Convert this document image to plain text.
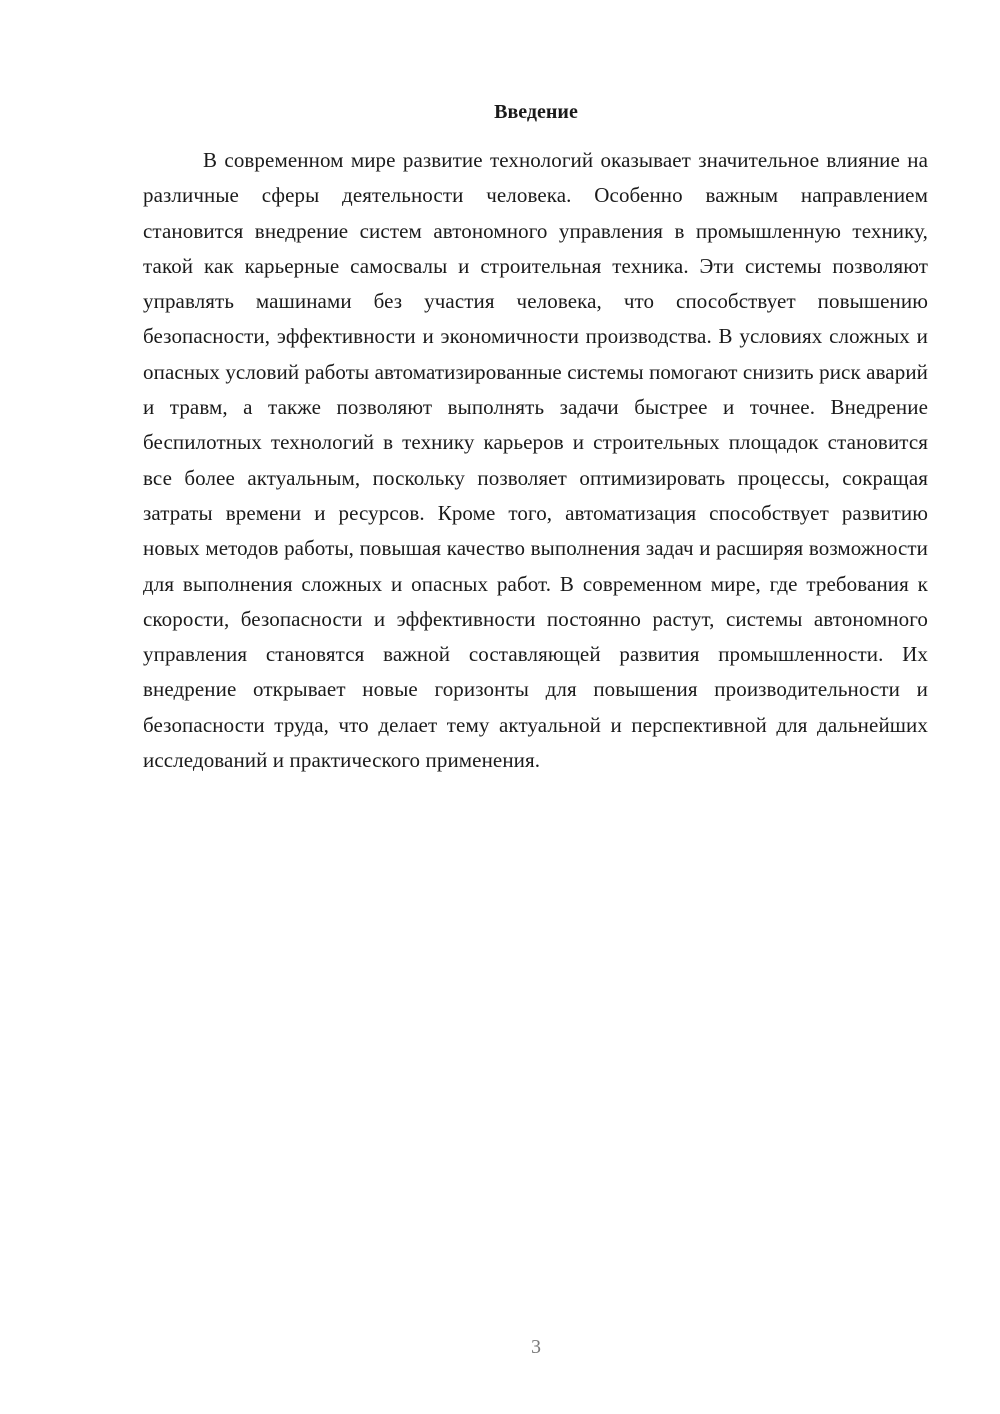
Введение

В современном мире развитие технологий оказывает значительное влияние на различные сферы деятельности человека. Особенно важным направлением становится внедрение систем автономного управления в промышленную технику, такой как карьерные самосвалы и строительная техника. Эти системы позволяют управлять машинами без участия человека, что способствует повышению безопасности, эффективности и экономичности производства. В условиях сложных и опасных условий работы автоматизированные системы помогают снизить риск аварий и травм, а также позволяют выполнять задачи быстрее и точнее. Внедрение беспилотных технологий в технику карьеров и строительных площадок становится все более актуальным, поскольку позволяет оптимизировать процессы, сокращая затраты времени и ресурсов. Кроме того, автоматизация способствует развитию новых методов работы, повышая качество выполнения задач и расширяя возможности для выполнения сложных и опасных работ. В современном мире, где требования к скорости, безопасности и эффективности постоянно растут, системы автономного управления становятся важной составляющей развития промышленности. Их внедрение открывает новые горизонты для повышения производительности и безопасности труда, что делает тему актуальной и перспективной для дальнейших исследований и практического применения.

3
